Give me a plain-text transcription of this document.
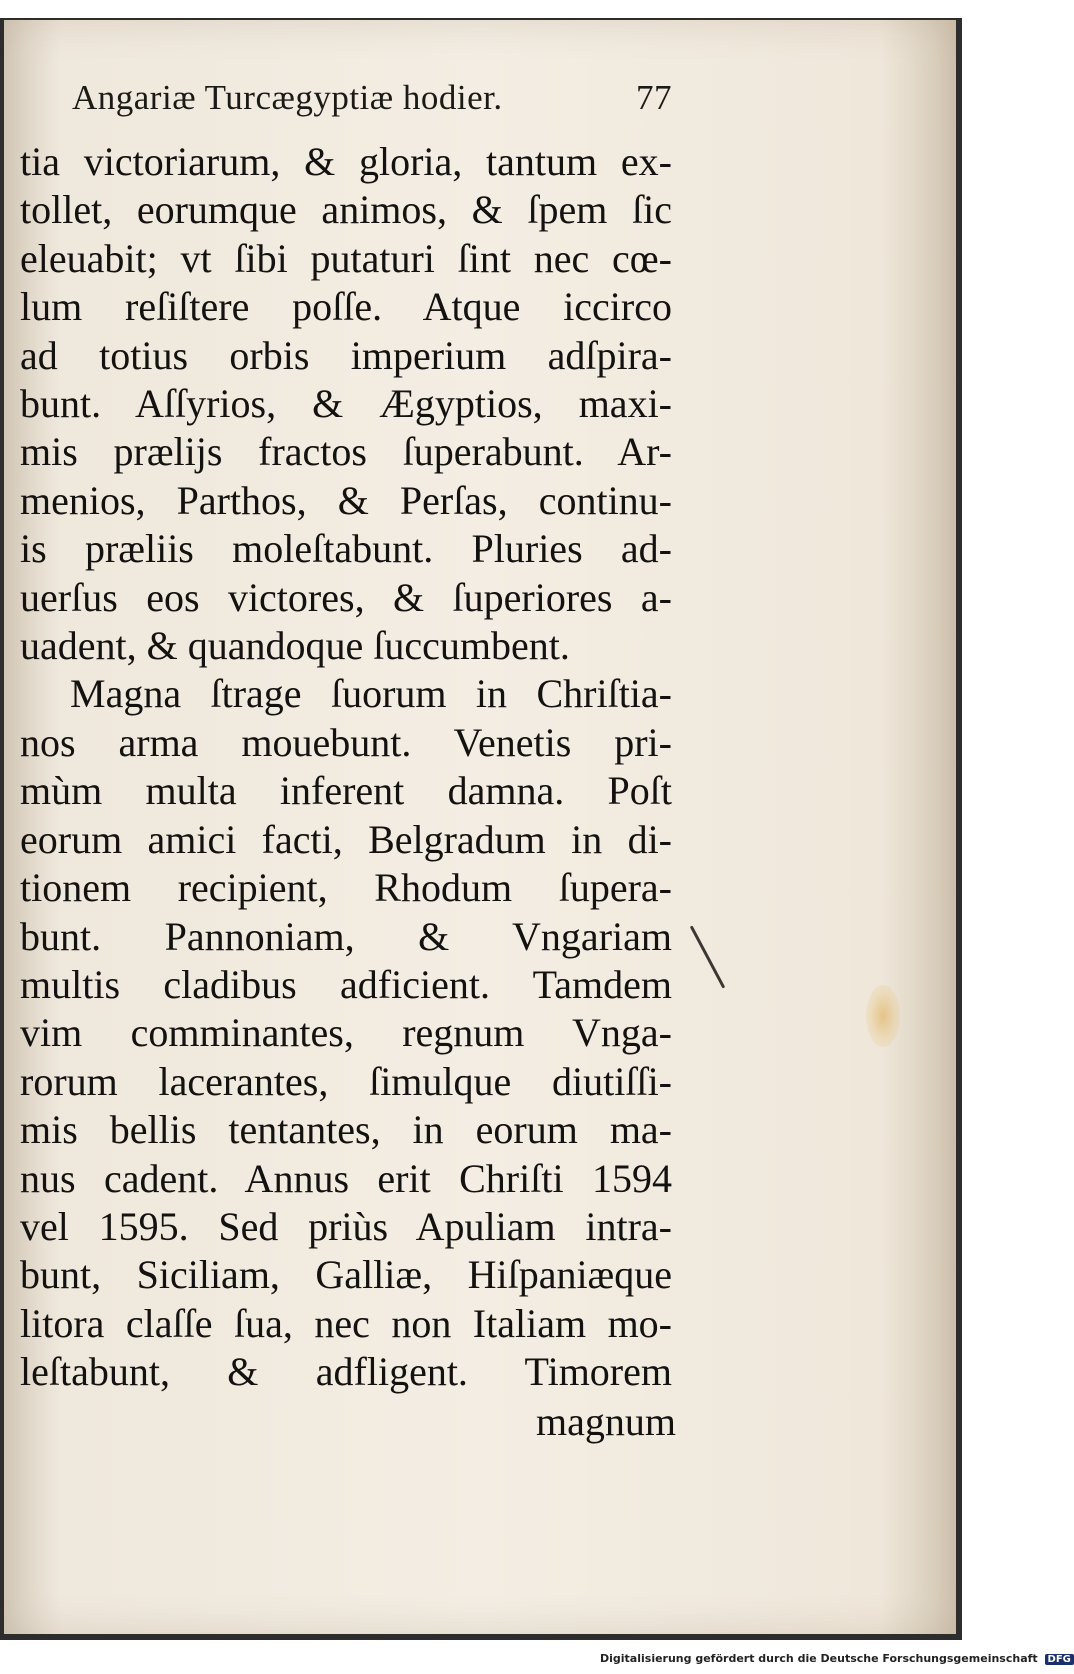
Angariæ Turcægyptiæ hodier.	77
tia victoriarum, & gloria, tantum ex-
tollet, eorumque animos, & ſpem ſic
eleuabit; vt ſibi putaturi ſint nec cœ-
lum reſiſtere poſſe. Atque iccirco
ad totius orbis imperium adſpira-
bunt. Aſſyrios, & Ægyptios, maxi-
mis prælijs fractos ſuperabunt. Ar-
menios, Parthos, & Perſas, continu-
is præliis moleſtabunt. Pluries ad-
uerſus eos victores, & ſuperiores a-
uadent, & quandoque ſuccumbent.
Magna ſtrage ſuorum in Chriſtia-
nos arma mouebunt. Venetis pri-
mùm multa inferent damna. Poſt
eorum amici facti, Belgradum in di-
tionem recipient, Rhodum ſupera-
bunt. Pannoniam, & Vngariam
multis cladibus adficient. Tamdem
vim comminantes, regnum Vnga-
rorum lacerantes, ſimulque diutiſſi-
mis bellis tentantes, in eorum ma-
nus cadent. Annus erit Chriſti 1594
vel 1595. Sed priùs Apuliam intra-
bunt, Siciliam, Galliæ, Hiſpaniæque
litora claſſe ſua, nec non Italiam mo-
leſtabunt, & adfligent. Timorem
magnum
Digitalisierung gefördert durch die Deutsche Forschungsgemeinschaft DFG
